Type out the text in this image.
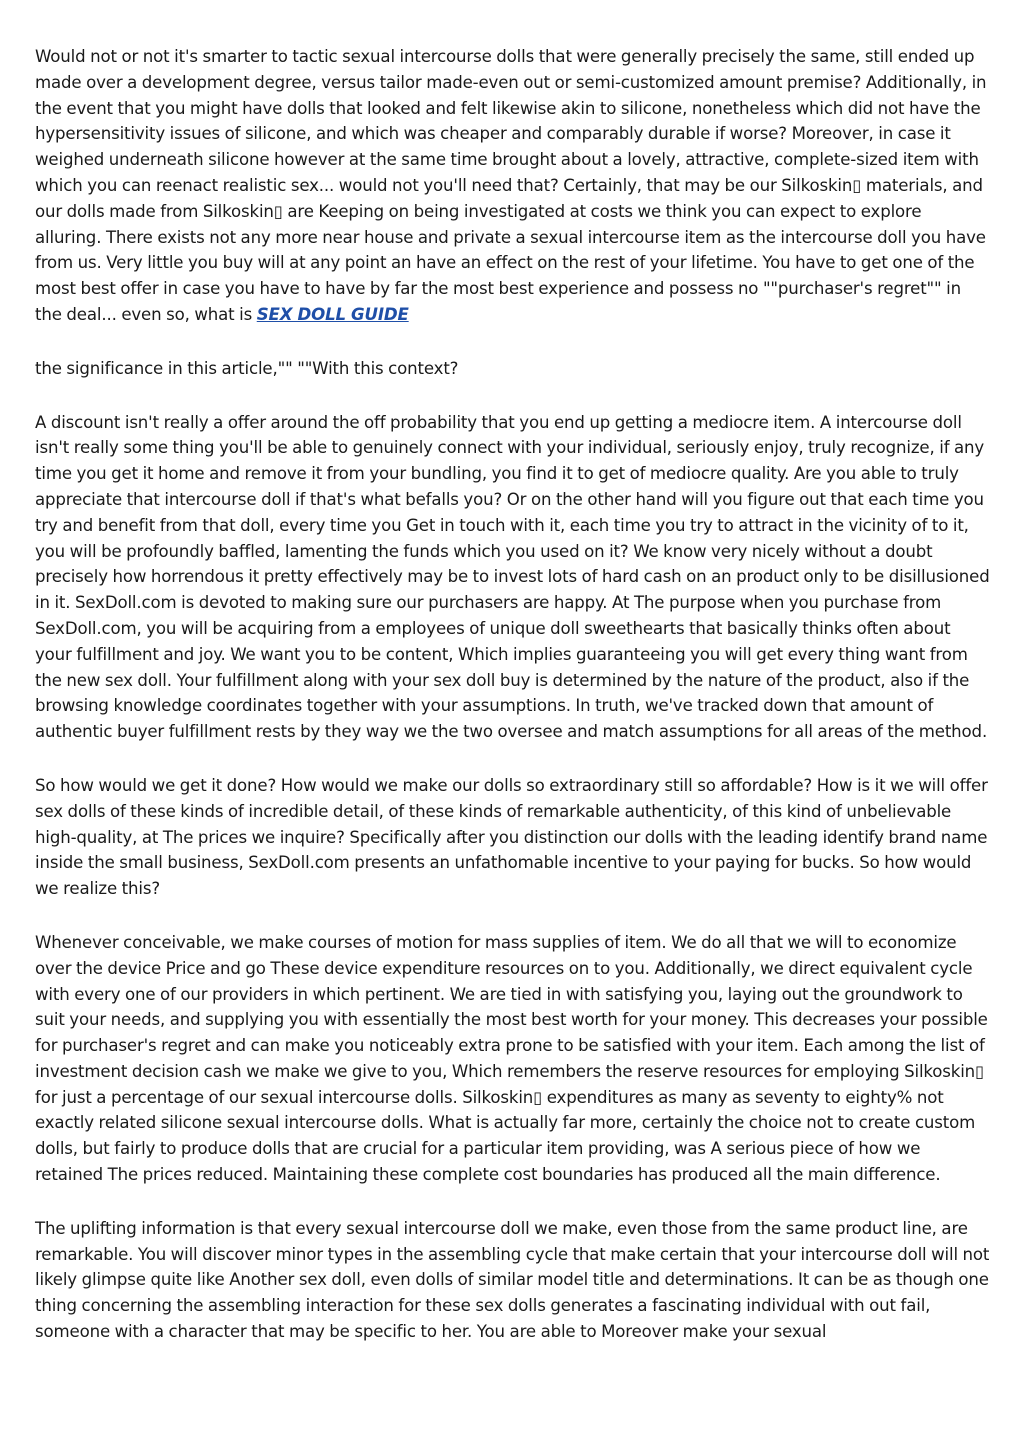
Would not or not it's smarter to tactic sexual intercourse dolls that were generally precisely the same, still ended up made over a development degree, versus tailor made-even out or semi-customized amount premise? Additionally, in the event that you might have dolls that looked and felt likewise akin to silicone, nonetheless which did not have the hypersensitivity issues of silicone, and which was cheaper and comparably durable if worse? Moreover, in case it weighed underneath silicone however at the same time brought about a lovely, attractive, complete-sized item with which you can reenact realistic sex... would not you'll need that? Certainly, that may be our Silkoskin▯ materials, and our dolls made from Silkoskin▯ are Keeping on being investigated at costs we think you can expect to explore alluring. There exists not any more near house and private a sexual intercourse item as the intercourse doll you have from us. Very little you buy will at any point an have an effect on the rest of your lifetime. You have to get one of the most best offer in case you have to have by far the most best experience and possess no ""purchaser's regret"" in the deal... even so, what is SEX DOLL GUIDE

the significance in this article,"" ""With this context?

A discount isn't really a offer around the off probability that you end up getting a mediocre item. A intercourse doll isn't really some thing you'll be able to genuinely connect with your individual, seriously enjoy, truly recognize, if any time you get it home and remove it from your bundling, you find it to get of mediocre quality. Are you able to truly appreciate that intercourse doll if that's what befalls you? Or on the other hand will you figure out that each time you try and benefit from that doll, every time you Get in touch with it, each time you try to attract in the vicinity of to it, you will be profoundly baffled, lamenting the funds which you used on it? We know very nicely without a doubt precisely how horrendous it pretty effectively may be to invest lots of hard cash on an product only to be disillusioned in it. SexDoll.com is devoted to making sure our purchasers are happy. At The purpose when you purchase from SexDoll.com, you will be acquiring from a employees of unique doll sweethearts that basically thinks often about your fulfillment and joy. We want you to be content, Which implies guaranteeing you will get every thing want from the new sex doll. Your fulfillment along with your sex doll buy is determined by the nature of the product, also if the browsing knowledge coordinates together with your assumptions. In truth, we've tracked down that amount of authentic buyer fulfillment rests by they way we the two oversee and match assumptions for all areas of the method.

So how would we get it done? How would we make our dolls so extraordinary still so affordable? How is it we will offer sex dolls of these kinds of incredible detail, of these kinds of remarkable authenticity, of this kind of unbelievable high-quality, at The prices we inquire? Specifically after you distinction our dolls with the leading identify brand name inside the small business, SexDoll.com presents an unfathomable incentive to your paying for bucks. So how would we realize this?

Whenever conceivable, we make courses of motion for mass supplies of item. We do all that we will to economize over the device Price and go These device expenditure resources on to you. Additionally, we direct equivalent cycle with every one of our providers in which pertinent. We are tied in with satisfying you, laying out the groundwork to suit your needs, and supplying you with essentially the most best worth for your money. This decreases your possible for purchaser's regret and can make you noticeably extra prone to be satisfied with your item. Each among the list of investment decision cash we make we give to you, Which remembers the reserve resources for employing Silkoskin▯ for just a percentage of our sexual intercourse dolls. Silkoskin▯ expenditures as many as seventy to eighty% not exactly related silicone sexual intercourse dolls. What is actually far more, certainly the choice not to create custom dolls, but fairly to produce dolls that are crucial for a particular item providing, was A serious piece of how we retained The prices reduced. Maintaining these complete cost boundaries has produced all the main difference.

The uplifting information is that every sexual intercourse doll we make, even those from the same product line, are remarkable. You will discover minor types in the assembling cycle that make certain that your intercourse doll will not likely glimpse quite like Another sex doll, even dolls of similar model title and determinations. It can be as though one thing concerning the assembling interaction for these sex dolls generates a fascinating individual with out fail, someone with a character that may be specific to her. You are able to Moreover make your sexual
